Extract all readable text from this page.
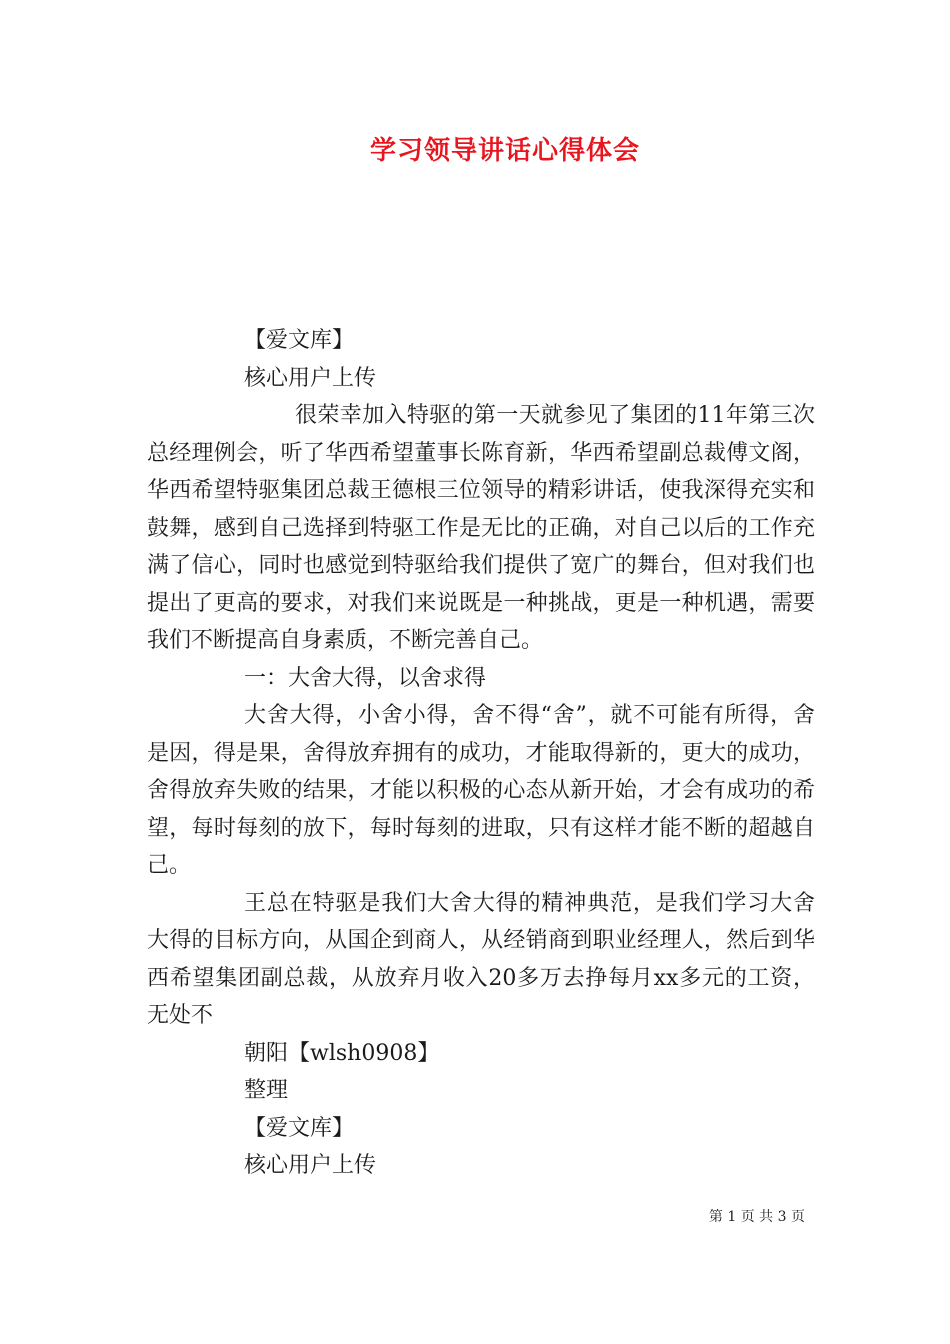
学习领导讲话心得体会
【爱文库】
核心用户上传
很荣幸加入特驱的第一天就参见了集团的11年第三次总经理例会，听了华西希望董事长陈育新，华西希望副总裁傅文阁，华西希望特驱集团总裁王德根三位领导的精彩讲话，使我深得充实和鼓舞，感到自己选择到特驱工作是无比的正确，对自己以后的工作充满了信心，同时也感觉到特驱给我们提供了宽广的舞台，但对我们也提出了更高的要求，对我们来说既是一种挑战，更是一种机遇，需要我们不断提高自身素质，不断完善自己。
一：大舍大得，以舍求得
大舍大得，小舍小得，舍不得“舍”，就不可能有所得，舍是因，得是果，舍得放弃拥有的成功，才能取得新的，更大的成功，舍得放弃失败的结果，才能以积极的心态从新开始，才会有成功的希望，每时每刻的放下，每时每刻的进取，只有这样才能不断的超越自己。
王总在特驱是我们大舍大得的精神典范，是我们学习大舍大得的目标方向，从国企到商人，从经销商到职业经理人，然后到华西希望集团副总裁，从放弃月收入20多万去挣每月xx多元的工资，无处不
朝阳【wlsh0908】
整理
【爱文库】
核心用户上传
第 1 页 共 3 页
